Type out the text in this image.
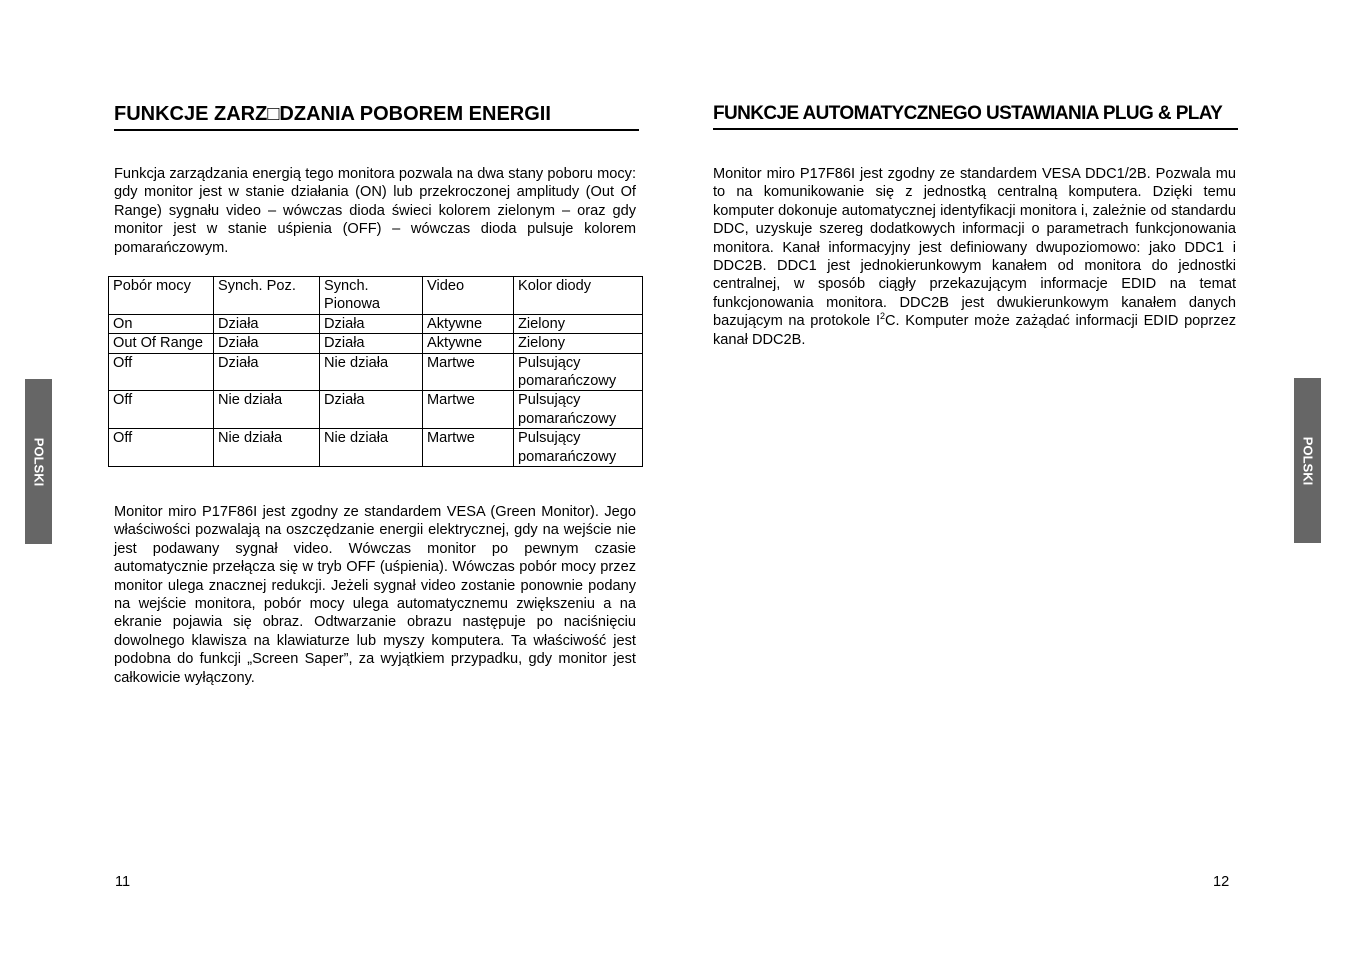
FUNKCJE ZARZ□DZANIA POBOREM ENERGII	FUNKCJE AUTOMATYCZNEGO USTAWIANIA PLUG & PLAY

Funkcja zarządzania energią tego monitora pozwala na dwa stany poboru mocy: gdy monitor jest w stanie działania (ON) lub przekroczonej amplitudy (Out Of Range) sygnału video – wówczas dioda świeci kolorem zielonym – oraz gdy monitor jest w stanie uśpienia (OFF) – wówczas dioda pulsuje kolorem pomarańczowym.

Pobór mocy	Synch. Poz.	Synch. Pionowa	Video	Kolor diody
On	Działa	Działa	Aktywne	Zielony
Out Of Range	Działa	Działa	Aktywne	Zielony
Off	Działa	Nie działa	Martwe	Pulsujący pomarańczowy
Off	Nie działa	Działa	Martwe	Pulsujący pomarańczowy
Off	Nie działa	Nie działa	Martwe	Pulsujący pomarańczowy

Monitor miro P17F86I jest zgodny ze standardem VESA (Green Monitor). Jego właściwości pozwalają na oszczędzanie energii elektrycznej, gdy na wejście nie jest podawany sygnał video. Wówczas monitor po pewnym czasie automatycznie przełącza się w tryb OFF (uśpienia). Wówczas pobór mocy przez monitor ulega znacznej redukcji. Jeżeli sygnał video zostanie ponownie podany na wejście monitora, pobór mocy ulega automatycznemu zwiększeniu a na ekranie pojawia się obraz. Odtwarzanie obrazu następuje po naciśnięciu dowolnego klawisza na klawiaturze lub myszy komputera. Ta właściwość jest podobna do funkcji „Screen Saper”, za wyjątkiem przypadku, gdy monitor jest całkowicie wyłączony.

Monitor miro P17F86I jest zgodny ze standardem VESA DDC1/2B. Pozwala mu to na komunikowanie się z jednostką centralną komputera. Dzięki temu komputer dokonuje automatycznej identyfikacji monitora i, zależnie od standardu DDC, uzyskuje szereg dodatkowych informacji o parametrach funkcjonowania monitora. Kanał informacyjny jest definiowany dwupoziomowo: jako DDC1 i DDC2B. DDC1 jest jednokierunkowym kanałem od monitora do jednostki centralnej, w sposób ciągły przekazującym informacje EDID na temat funkcjonowania monitora. DDC2B jest dwukierunkowym kanałem danych bazującym na protokole $I^2C$. Komputer może zażądać informacji EDID poprzez kanał DDC2B.

11	12
POLSKI	POLSKI
